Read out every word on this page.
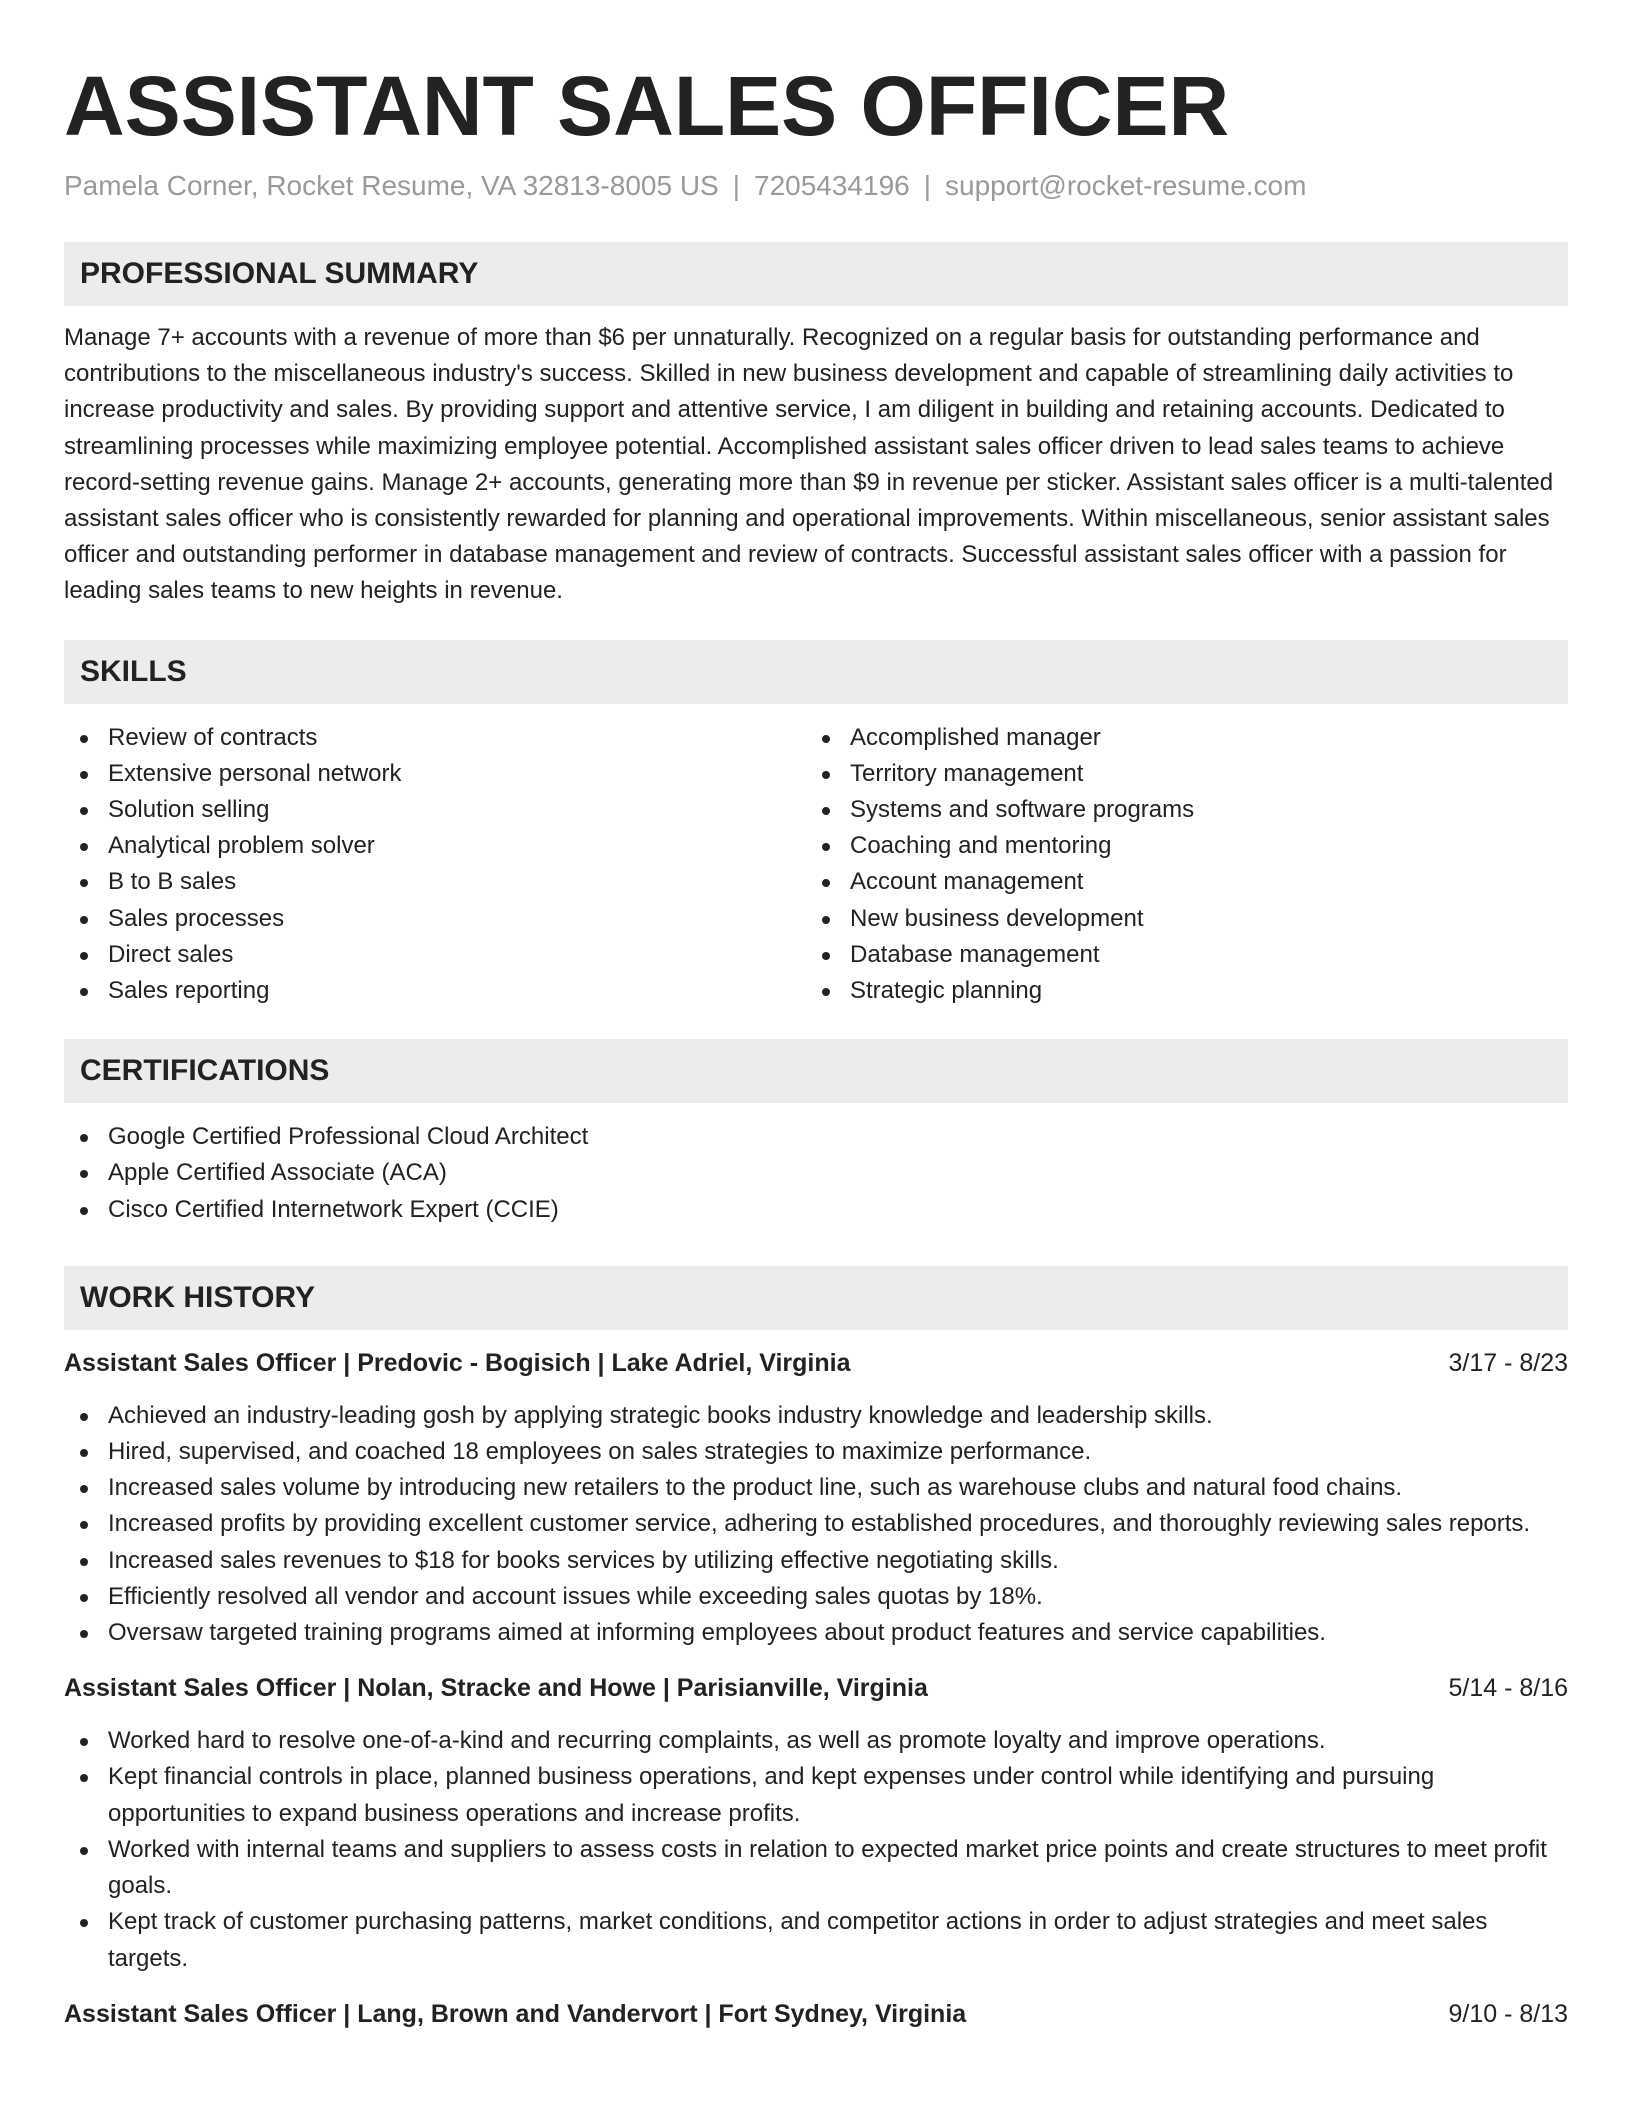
ASSISTANT SALES OFFICER
Pamela Corner, Rocket Resume, VA 32813-8005 US | 7205434196 | support@rocket-resume.com
PROFESSIONAL SUMMARY

Manage 7+ accounts with a revenue of more than $6 per unnaturally. Recognized on a regular basis for outstanding performance and contributions to the miscellaneous industry's success. Skilled in new business development and capable of streamlining daily activities to increase productivity and sales. By providing support and attentive service, I am diligent in building and retaining accounts. Dedicated to streamlining processes while maximizing employee potential. Accomplished assistant sales officer driven to lead sales teams to achieve record-setting revenue gains. Manage 2+ accounts, generating more than $9 in revenue per sticker. Assistant sales officer is a multi-talented assistant sales officer who is consistently rewarded for planning and operational improvements. Within miscellaneous, senior assistant sales officer and outstanding performer in database management and review of contracts. Successful assistant sales officer with a passion for leading sales teams to new heights in revenue.

SKILLS
Review of contracts
Extensive personal network
Solution selling
Analytical problem solver
B to B sales
Sales processes
Direct sales
Sales reporting
Accomplished manager
Territory management
Systems and software programs
Coaching and mentoring
Account management
New business development
Database management
Strategic planning
CERTIFICATIONS
Google Certified Professional Cloud Architect
Apple Certified Associate (ACA)
Cisco Certified Internetwork Expert (CCIE)
WORK HISTORY
Assistant Sales Officer | Predovic - Bogisich | Lake Adriel, Virginia	3/17 - 8/23
Achieved an industry-leading gosh by applying strategic books industry knowledge and leadership skills.
Hired, supervised, and coached 18 employees on sales strategies to maximize performance.
Increased sales volume by introducing new retailers to the product line, such as warehouse clubs and natural food chains.
Increased profits by providing excellent customer service, adhering to established procedures, and thoroughly reviewing sales reports.
Increased sales revenues to $18 for books services by utilizing effective negotiating skills.
Efficiently resolved all vendor and account issues while exceeding sales quotas by 18%.
Oversaw targeted training programs aimed at informing employees about product features and service capabilities.
Assistant Sales Officer | Nolan, Stracke and Howe | Parisianville, Virginia	5/14 - 8/16
Worked hard to resolve one-of-a-kind and recurring complaints, as well as promote loyalty and improve operations.
Kept financial controls in place, planned business operations, and kept expenses under control while identifying and pursuing opportunities to expand business operations and increase profits.
Worked with internal teams and suppliers to assess costs in relation to expected market price points and create structures to meet profit goals.
Kept track of customer purchasing patterns, market conditions, and competitor actions in order to adjust strategies and meet sales targets.
Assistant Sales Officer | Lang, Brown and Vandervort | Fort Sydney, Virginia	9/10 - 8/13
